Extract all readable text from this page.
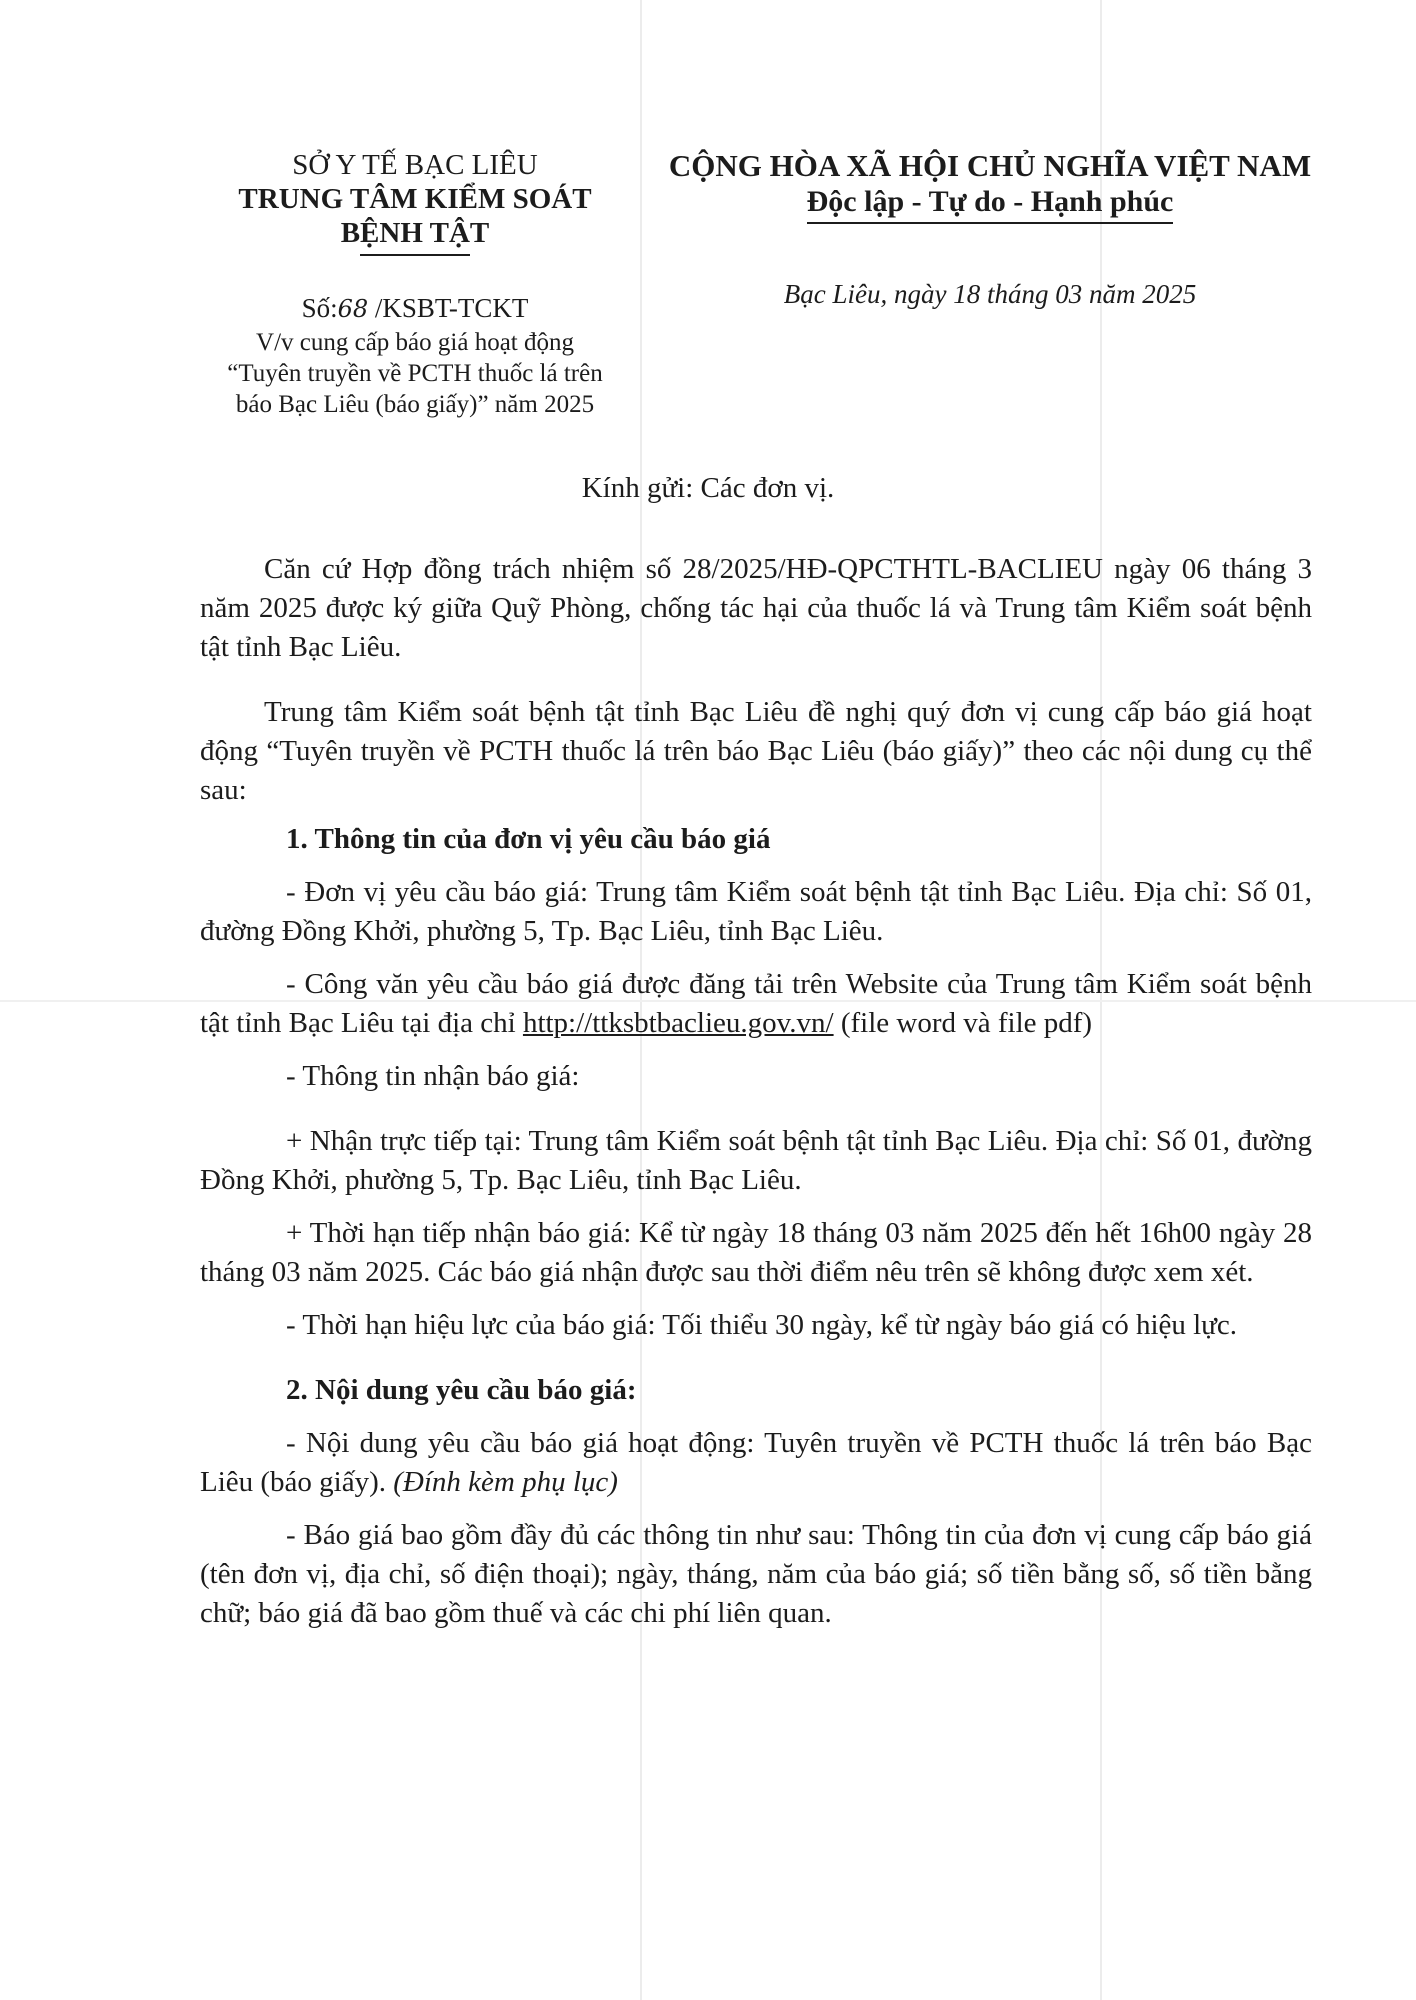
SỞ Y TẾ BẠC LIÊU
TRUNG TÂM KIỂM SOÁT
BỆNH TẬT
Số:68 /KSBT-TCKT
V/v cung cấp báo giá hoạt động
“Tuyên truyền về PCTH thuốc lá trên
báo Bạc Liêu (báo giấy)” năm 2025
CỘNG HÒA XÃ HỘI CHỦ NGHĨA VIỆT NAM
Độc lập - Tự do - Hạnh phúc
Bạc Liêu, ngày 18 tháng 03 năm 2025
Kính gửi: Các đơn vị.

Căn cứ Hợp đồng trách nhiệm số 28/2025/HĐ-QPCTHTL-BACLIEU ngày 06 tháng 3 năm 2025 được ký giữa Quỹ Phòng, chống tác hại của thuốc lá và Trung tâm Kiểm soát bệnh tật tỉnh Bạc Liêu.

Trung tâm Kiểm soát bệnh tật tỉnh Bạc Liêu đề nghị quý đơn vị cung cấp báo giá hoạt động “Tuyên truyền về PCTH thuốc lá trên báo Bạc Liêu (báo giấy)” theo các nội dung cụ thể sau:

1. Thông tin của đơn vị yêu cầu báo giá

- Đơn vị yêu cầu báo giá: Trung tâm Kiểm soát bệnh tật tỉnh Bạc Liêu. Địa chỉ: Số 01, đường Đồng Khởi, phường 5, Tp. Bạc Liêu, tỉnh Bạc Liêu.

- Công văn yêu cầu báo giá được đăng tải trên Website của Trung tâm Kiểm soát bệnh tật tỉnh Bạc Liêu tại địa chỉ http://ttksbtbaclieu.gov.vn/ (file word và file pdf)

- Thông tin nhận báo giá:

+ Nhận trực tiếp tại: Trung tâm Kiểm soát bệnh tật tỉnh Bạc Liêu. Địa chỉ: Số 01, đường Đồng Khởi, phường 5, Tp. Bạc Liêu, tỉnh Bạc Liêu.

+ Thời hạn tiếp nhận báo giá: Kể từ ngày 18 tháng 03 năm 2025 đến hết 16h00 ngày 28 tháng 03 năm 2025. Các báo giá nhận được sau thời điểm nêu trên sẽ không được xem xét.

- Thời hạn hiệu lực của báo giá: Tối thiểu 30 ngày, kể từ ngày báo giá có hiệu lực.

2. Nội dung yêu cầu báo giá:

- Nội dung yêu cầu báo giá hoạt động: Tuyên truyền về PCTH thuốc lá trên báo Bạc Liêu (báo giấy). (Đính kèm phụ lục)

- Báo giá bao gồm đầy đủ các thông tin như sau: Thông tin của đơn vị cung cấp báo giá (tên đơn vị, địa chỉ, số điện thoại); ngày, tháng, năm của báo giá; số tiền bằng số, số tiền bằng chữ; báo giá đã bao gồm thuế và các chi phí liên quan.
